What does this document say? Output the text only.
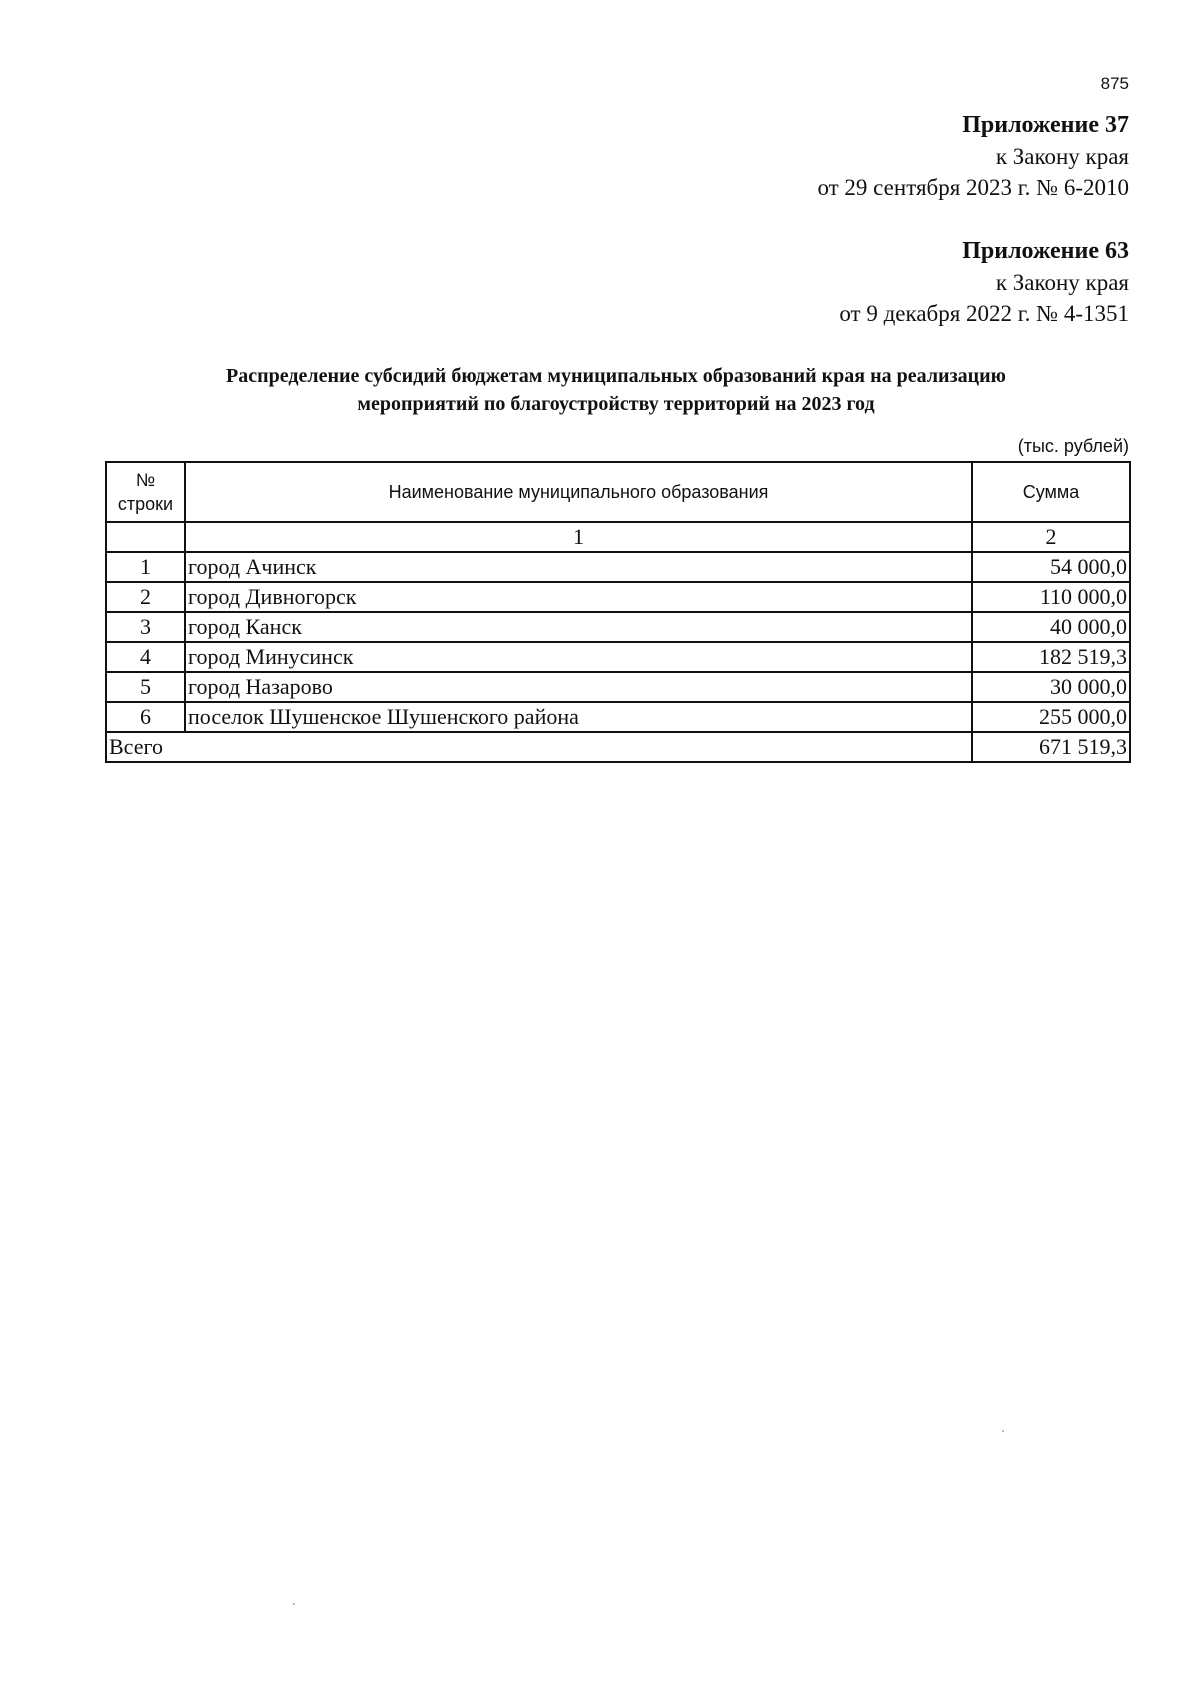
875
Приложение 37
к Закону края
от 29 сентября 2023 г. № 6-2010
Приложение 63
к Закону края
от 9 декабря 2022 г. № 4-1351
Распределение субсидий бюджетам муниципальных образований края на реализацию
мероприятий по благоустройству территорий на 2023 год
(тыс. рублей)
№
строки	Наименование муниципального образования	Сумма
	1	2
1	город Ачинск	54 000,0
2	город Дивногорск	110 000,0
3	город Канск	40 000,0
4	город Минусинск	182 519,3
5	город Назарово	30 000,0
6	поселок Шушенское Шушенского района	255 000,0
Всего		671 519,3
